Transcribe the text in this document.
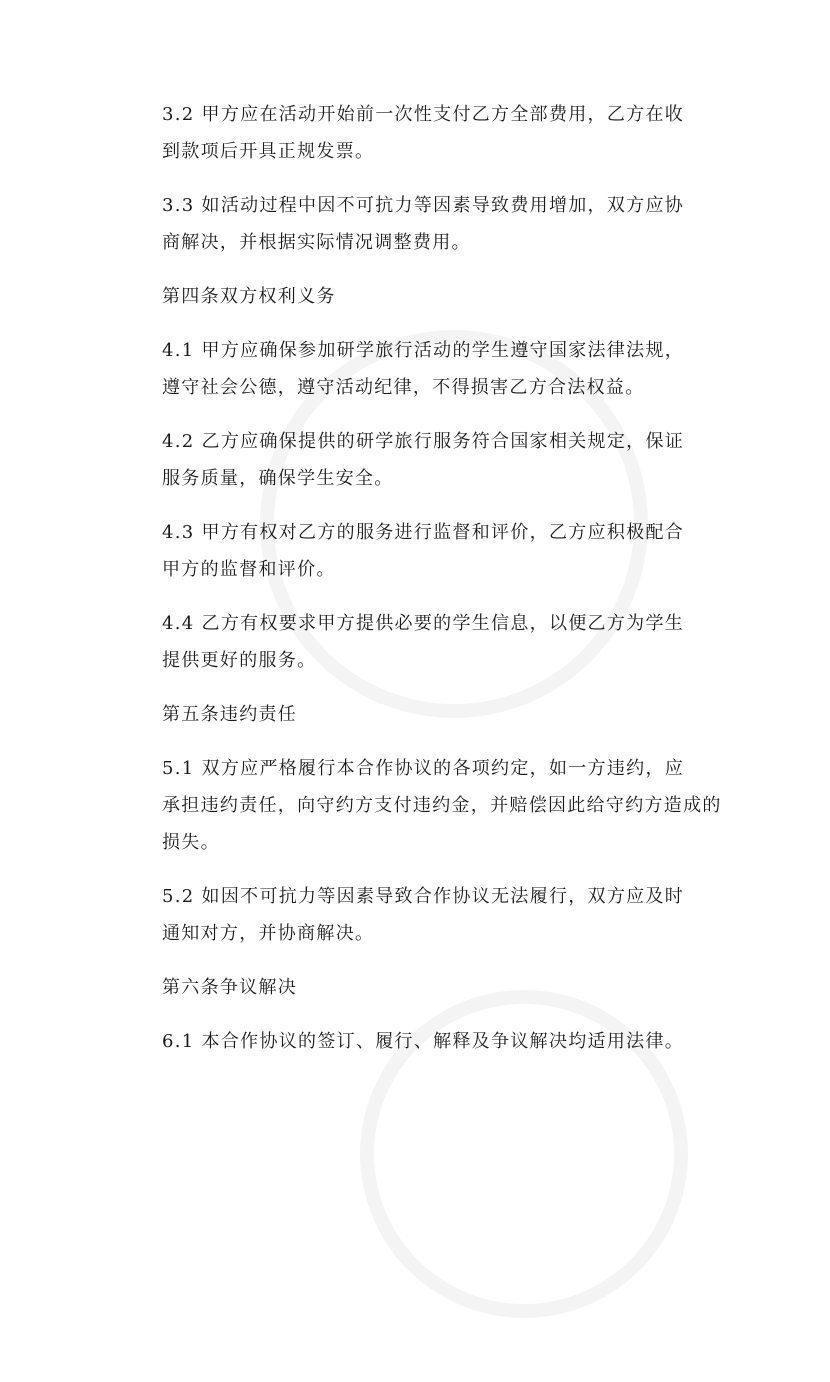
3.2 甲方应在活动开始前一次性支付乙方全部费用，乙方在收
到款项后开具正规发票。

3.3 如活动过程中因不可抗力等因素导致费用增加，双方应协
商解决，并根据实际情况调整费用。

第四条双方权利义务

4.1 甲方应确保参加研学旅行活动的学生遵守国家法律法规，
遵守社会公德，遵守活动纪律，不得损害乙方合法权益。

4.2 乙方应确保提供的研学旅行服务符合国家相关规定，保证
服务质量，确保学生安全。

4.3 甲方有权对乙方的服务进行监督和评价，乙方应积极配合
甲方的监督和评价。

4.4 乙方有权要求甲方提供必要的学生信息，以便乙方为学生
提供更好的服务。

第五条违约责任

5.1 双方应严格履行本合作协议的各项约定，如一方违约，应
承担违约责任，向守约方支付违约金，并赔偿因此给守约方造成的
损失。

5.2 如因不可抗力等因素导致合作协议无法履行，双方应及时
通知对方，并协商解决。

第六条争议解决

6.1 本合作协议的签订、履行、解释及争议解决均适用法律。
